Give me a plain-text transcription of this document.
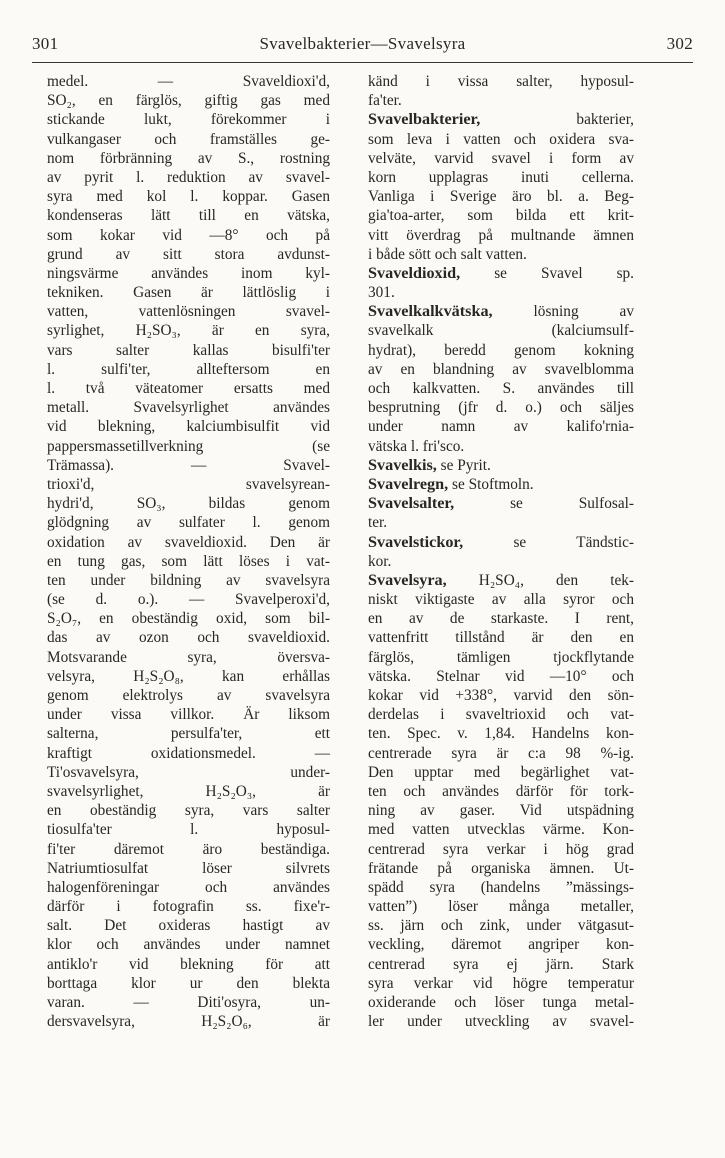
301	Svavelbakterier—Svavelsyra	302
medel. — Svaveldioxi'd,
SO₂, en färglös, giftig gas med
stickande lukt, förekommer i
vulkangaser och framställes ge-
nom förbränning av S., rostning
av pyrit l. reduktion av svavel-
syra med kol l. koppar. Gasen
kondenseras lätt till en vätska,
som kokar vid —8° och på
grund av sitt stora avdunst-
ningsvärme användes inom kyl-
tekniken. Gasen är lättlöslig i
vatten, vattenlösningen svavel-
syrlighet, H₂SO₃, är en syra,
vars salter kallas bisulfi'ter
l. sulfi'ter, allteftersom en
l. två väteatomer ersatts med
metall. Svavelsyrlighet användes
vid blekning, kalciumbisulfit vid
pappersmassetillverkning (se
Trämassa). — Svavel-
trioxi'd, svavelsyrean-
hydri'd, SO₃, bildas genom
glödgning av sulfater l. genom
oxidation av svaveldioxid. Den är
en tung gas, som lätt löses i vat-
ten under bildning av svavelsyra
(se d. o.). — Svavelperoxi'd,
S₂O₇, en obeständig oxid, som bil-
das av ozon och svaveldioxid.
Motsvarande syra, översva-
velsyra, H₂S₂O₈, kan erhållas
genom elektrolys av svavelsyra
under vissa villkor. Är liksom
salterna, persulfa'ter, ett
kraftigt oxidationsmedel. —
Ti'osvavelsyra, under-
svavelsyrlighet, H₂S₂O₃, är
en obeständig syra, vars salter
tiosulfa'ter l. hyposul-
fi'ter däremot äro beständiga.
Natriumtiosulfat löser silvrets
halogenföreningar och användes
därför i fotografin ss. fixe'r-
salt. Det oxideras hastigt av
klor och användes under namnet
antiklo'r vid blekning för att
borttaga klor ur den blekta
varan. — Diti'osyra, un-
dersvavelsyra, H₂S₂O₆, är
känd i vissa salter, hyposul-
fa'ter.
Svavelbakterier, bakterier,
som leva i vatten och oxidera sva-
velväte, varvid svavel i form av
korn upplagras inuti cellerna.
Vanliga i Sverige äro bl. a. Beg-
gia'toa-arter, som bilda ett krit-
vitt överdrag på multnande ämnen
i både sött och salt vatten.
Svaveldioxid, se Svavel sp.
301.
Svavelkalkvätska, lösning av
svavelkalk (kalciumsulf-
hydrat), beredd genom kokning
av en blandning av svavelblomma
och kalkvatten. S. användes till
besprutning (jfr d. o.) och säljes
under namn av kalifo'rnia-
vätska l. fri'sco.
Svavelkis, se Pyrit.
Svavelregn, se Stoftmoln.
Svavelsalter, se Sulfosal-
ter.
Svavelstickor, se Tändstic-
kor.
Svavelsyra, H₂SO₄, den tek-
niskt viktigaste av alla syror och
en av de starkaste. I rent,
vattenfritt tillstånd är den en
färglös, tämligen tjockflytande
vätska. Stelnar vid —10° och
kokar vid +338°, varvid den sön-
derdelas i svaveltrioxid och vat-
ten. Spec. v. 1,84. Handelns kon-
centrerade syra är c:a 98 %-ig.
Den upptar med begärlighet vat-
ten och användes därför för tork-
ning av gaser. Vid utspädning
med vatten utvecklas värme. Kon-
centrerad syra verkar i hög grad
frätande på organiska ämnen. Ut-
spädd syra (handelns ”mässings-
vatten”) löser många metaller,
ss. järn och zink, under vätgasut-
veckling, däremot angriper kon-
centrerad syra ej järn. Stark
syra verkar vid högre temperatur
oxiderande och löser tunga metal-
ler under utveckling av svavel-
